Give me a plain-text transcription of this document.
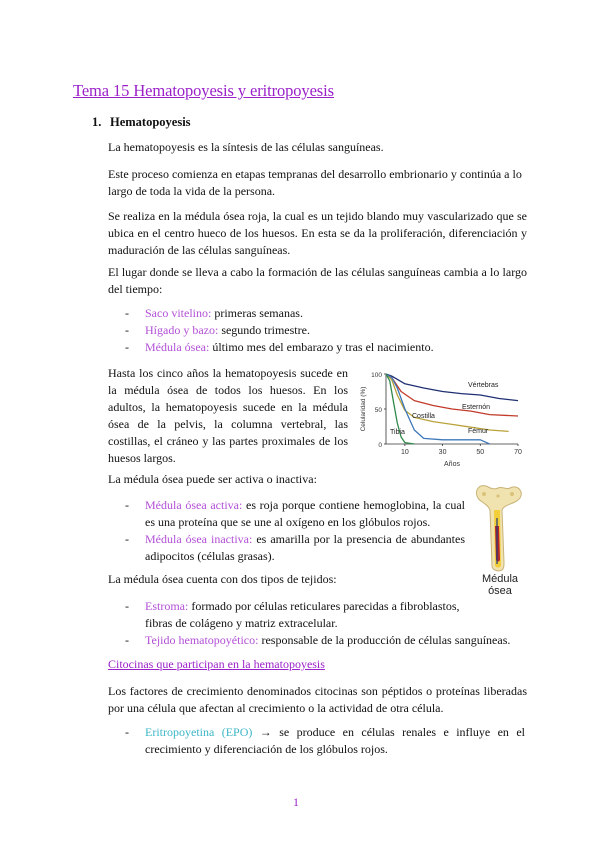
Tema 15 Hematopoyesis y eritropoyesis
1. Hematopoyesis
La hematopoyesis es la síntesis de las células sanguíneas.
Este proceso comienza en etapas tempranas del desarrollo embrionario y continúa a lo
largo de toda la vida de la persona.
Se realiza en la médula ósea roja, la cual es un tejido blando muy vascularizado que se ubica en el centro hueco de los huesos. En esta se da la proliferación, diferenciación y maduración de las células sanguíneas.
El lugar donde se lleva a cabo la formación de las células sanguíneas cambia a lo largo del tiempo:
- Saco vitelino: primeras semanas.
- Hígado y bazo: segundo trimestre.
- Médula ósea: último mes del embarazo y tras el nacimiento.
Hasta los cinco años la hematopoyesis sucede en la médula ósea de todos los huesos. En los adultos, la hematopoyesis sucede en la médula ósea de la pelvis, la columna vertebral, las costillas, el cráneo y las partes proximales de los huesos largos.
100
50
0
10	30	50	70
Años
Celularidad (%)
Vértebras
Esternón
Costilla
Fémur
Tibia
La médula ósea puede ser activa o inactiva:
- Médula ósea activa: es roja porque contiene hemoglobina, la cual es una proteína que se une al oxígeno en los glóbulos rojos.
- Médula ósea inactiva: es amarilla por la presencia de abundantes adipocitos (células grasas).
Médula
ósea
La médula ósea cuenta con dos tipos de tejidos:
- Estroma: formado por células reticulares parecidas a fibroblastos, fibras de colágeno y matriz extracelular.
- Tejido hematopoyético: responsable de la producción de células sanguíneas.
Citocinas que participan en la hematopoyesis
Los factores de crecimiento denominados citocinas son péptidos o proteínas liberadas por una célula que afectan al crecimiento o la actividad de otra célula.
- Eritropoyetina (EPO) → se produce en células renales e influye en el crecimiento y diferenciación de los glóbulos rojos.
1
